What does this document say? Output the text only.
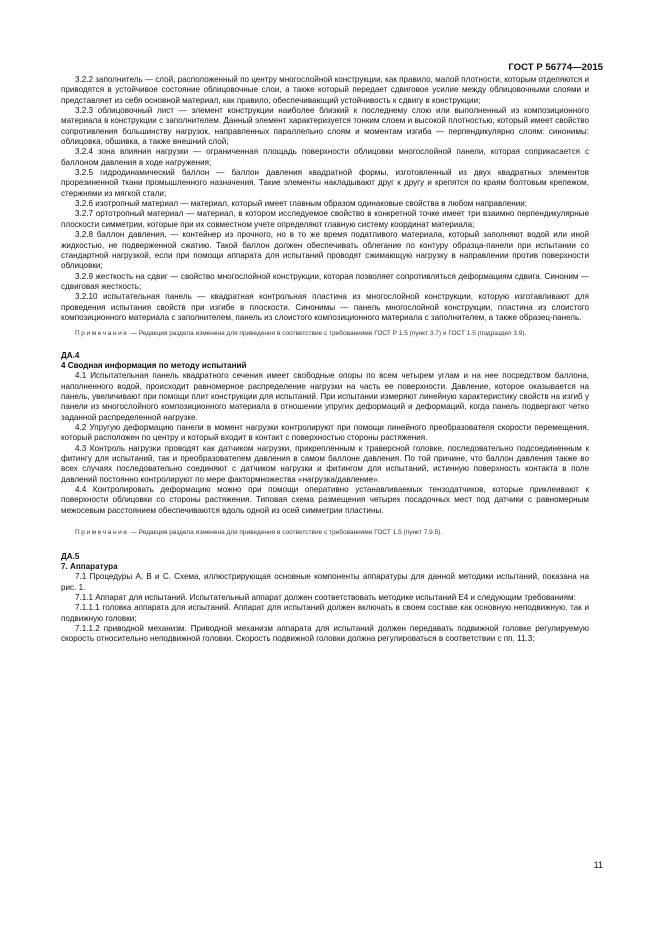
ГОСТ Р 56774—2015

3.2.2 заполнитель — слой, расположенный по центру многослойной конструкции, как правило, малой плотности, которым отделяются и приводятся в устойчивое состояние облицовочные слои, а также который передает сдвиговое усилие между облицовочными слоями и представляет из себя основной материал, как правило, обеспечивающий устойчивость к сдвигу в конструкции;

3.2.3 облицовочный лист — элемент конструкции наиболее близкий к последнему слою или выполненный из композиционного материала в конструкции с заполнителем. Данный элемент характеризуется тонким слоем и высокой плотностью, который имеет свойство сопротивления большинству нагрузок, направленных параллельно слоям и моментам изгиба — перпендикулярно слоям: синонимы: облицовка, обшивка, а также внешний слой;

3.2.4 зона влияния нагрузки — ограниченная площадь поверхности облицовки многослойной панели, которая соприкасается с баллоном давления в ходе нагружения;

3.2.5 гидродинамический баллон — баллон давления квадратной формы, изготовленный из двух квадратных элементов прорезиненной ткани промышленного назначения. Такие элементы накладывают друг к другу и крепятся по краям болтовым крепежом, стержнями из мягкой стали;

3.2.6 изотропный материал — материал, который имеет главным образом одинаковые свойства в любом направлении;

3.2.7 ортотропный материал — материал, в котором исследуемое свойство в конкретной точке имеет три взаимно перпендикулярные плоскости симметрии, которые при их совместном учете определяют главную систему координат материала;

3.2.8 баллон давления, — контейнер из прочного, но в то же время податливого материала, который заполняют водой или иной жидкостью, не подверженной сжатию. Такой баллон должен обеспечивать облегание по контуру образца-панели при испытании со стандартной нагрузкой, если при помощи аппарата для испытаний проводят сжимающую нагрузку в направлении против поверхности облицовки;

3.2.9 жесткость на сдвиг — свойство многослойной конструкции, которая позволяет сопротивляться деформациям сдвига. Синоним — сдвиговая жесткость;

3.2.10 испытательная панель — квадратная контрольная пластина из многослойной конструкции, которую изготавливают для проведения испытания свойств при изгибе в плоскости. Синонимы — панель многослойной конструкции, пластина из слоистого композиционного материала с заполнителем, панель из слоистого композиционного материала с заполнителем, а также образец-панель.

Примечание — Редакция раздела изменена для приведения в соответствие с требованиями ГОСТ Р 1.5 (пункт 3.7) и ГОСТ 1.5 (подраздел 3.9).

ДА.4

4 Сводная информация по методу испытаний

4.1 Испытательная панель квадратного сечения имеет свободные опоры по всем четырем углам и на нее посредством баллона, наполненного водой, происходит равномерное распределение нагрузки на часть ее поверхности. Давление, которое оказывается на панель, увеличивают при помощи плит конструкции для испытаний. При испытании измеряют линейную характеристику свойств на изгиб у панели из многослойного композиционного материала в отношении упругих деформаций и деформаций, когда панель подвергают четко заданной распределенной нагрузке.

4.2 Упругую деформацию панели в момент нагрузки контролируют при помощи линейного преобразователя скорости перемещения, который расположен по центру и который входит в контакт с поверхностью стороны растяжения.

4.3 Контроль нагрузки проводят как датчиком нагрузки, прикрепленным к траверсной головке, последовательно подсоединенным к фитингу для испытаний, так и преобразователем давления в самом баллоне давления. По той причине, что баллон давления также во всех случаях последовательно соединяют с датчиком нагрузки и фитингом для испытаний, истинную поверхность контакта в поле давлений постоянно контролируют по мере фактормножества «нагрузка/давление».

4.4 Контролировать деформацию можно при помощи оперативно устанавливаемых тензодатчиков, которые приклеивают к поверхности облицовки со стороны растяжения. Типовая схема размещения четырех посадочных мест под датчики с равномерным межосевым расстоянием обеспечиваются вдоль одной из осей симметрии пластины.

Примечание — Редакция раздела изменена для приведения в соответствие с требованиями ГОСТ 1.5 (пункт 7.9.5).

ДА.5

7. Аппаратура

7.1 Процедуры А, В и С. Схема, иллюстрирующая основные компоненты аппаратуры для данной методики испытаний, показана на рис. 1.

7.1.1 Аппарат для испытаний. Испытательный аппарат должен соответствовать методике испытаний Е4 и следующим требованиям:

7.1.1.1 головка аппарата для испытаний. Аппарат для испытаний должен включать в своем составе как основную неподвижную, так и подвижную головки;

7.1.1.2 приводной механизм. Приводной механизм аппарата для испытаний должен передавать подвижной головке регулируемую скорость относительно неподвижной головки. Скорость подвижной головки должна регулироваться в соответствии с пп. 11.3;

11
